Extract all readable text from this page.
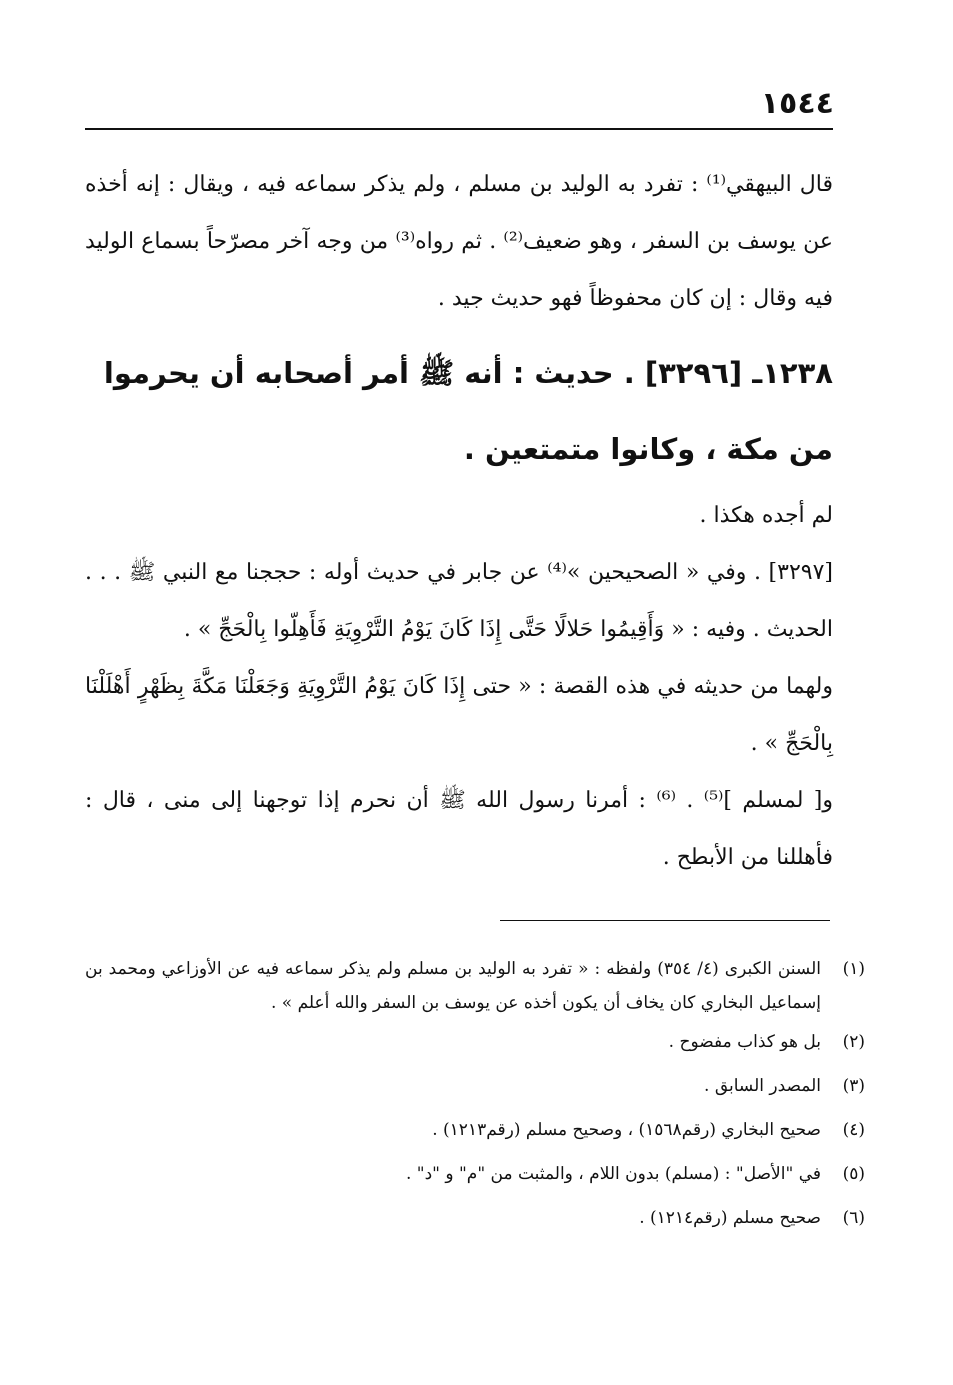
١٥٤٤

قال البيهقي⁽¹⁾ : تفرد به الوليد بن مسلم ، ولم يذكر سماعه فيه ، ويقال : إنه أخذه عن يوسف بن السفر ، وهو ضعيف⁽²⁾ . ثم رواه⁽³⁾ من وجه آخر مصرّحاً بسماع الوليد فيه وقال : إن كان محفوظاً فهو حديث جيد .

١٢٣٨ـ [٣٢٩٦] . حديث : أنه ﷺ أمر أصحابه أن يحرموا من مكة ، وكانوا متمتعين .

لم أجده هكذا .

[٣٢٩٧] . وفي « الصحيحين »⁽⁴⁾ عن جابر في حديث أوله : حججنا مع النبي ﷺ . . . الحديث . وفيه : « وَأَقِيمُوا حَلالًا حَتَّى إِذَا كَانَ يَوْمُ التَّرْوِيَةِ فَأَهِلّوا بِالْحَجِّ » .

ولهما من حديثه في هذه القصة : « حتى إِذَا كَانَ يَوْمُ التَّرْوِيَةِ وَجَعَلْنَا مَكَّةَ بِظَهْرٍ أَهْلَلْنَا بِالْحَجِّ » .

و[ لمسلم ]⁽⁵⁾ . ⁽⁶⁾ : أمرنا رسول الله ﷺ أن نحرم إذا توجهنا إلى منى ، قال : فأهللنا من الأبطح .

(١)
السنن الكبرى (٤/ ٣٥٤) ولفظه : « تفرد به الوليد بن مسلم ولم يذكر سماعه فيه عن الأوزاعي ومحمد بن إسماعيل البخاري كان يخاف أن يكون أخذه عن يوسف بن السفر والله أعلم » .
(٢)
بل هو كذاب مفضوح .
(٣)
المصدر السابق .
(٤)
صحيح البخاري (رقم١٥٦٨) ، وصحيح مسلم (رقم١٢١٣) .
(٥)
في "الأصل" : (مسلم) بدون اللام ، والمثبت من "م" و "د" .
(٦)
صحيح مسلم (رقم١٢١٤) .
